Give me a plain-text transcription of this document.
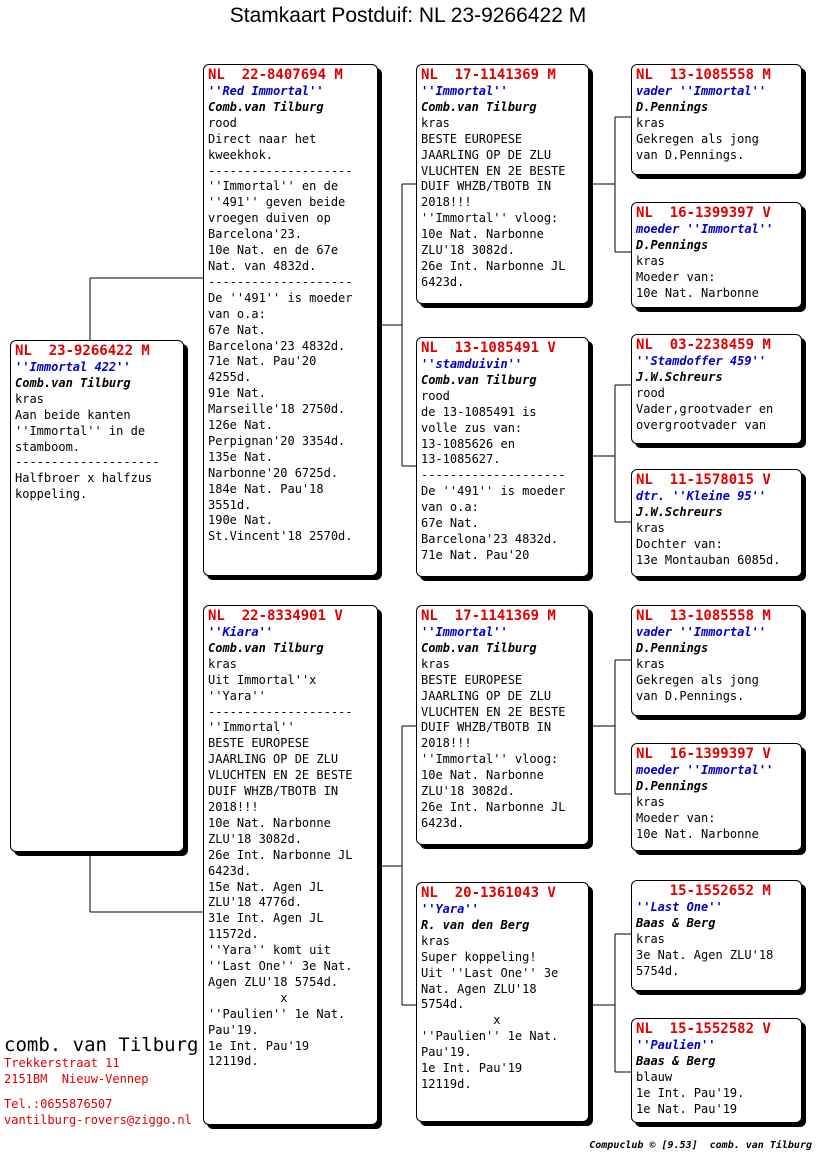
Stamkaart Postduif: NL 23-9266422 M
NL  23-9266422 M
''Immortal 422''
Comb.van Tilburg
kras
Aan beide kanten
''Immortal'' in de
stamboom.
--------------------
Halfbroer x halfzus
koppeling.
NL  22-8407694 M
''Red Immortal''
Comb.van Tilburg
rood
Direct naar het
kweekhok.
--------------------
''Immortal'' en de
''491'' geven beide
vroegen duiven op
Barcelona'23.
10e Nat. en de 67e
Nat. van 4832d.
--------------------
De ''491'' is moeder
van o.a:
67e Nat.
Barcelona'23 4832d.
71e Nat. Pau'20
4255d.
91e Nat.
Marseille'18 2750d.
126e Nat.
Perpignan'20 3354d.
135e Nat.
Narbonne'20 6725d.
184e Nat. Pau'18
3551d.
190e Nat.
St.Vincent'18 2570d.
NL  22-8334901 V
''Kiara''
Comb.van Tilburg
kras
Uit Immortal''x
''Yara''
--------------------
''Immortal''
BESTE EUROPESE
JAARLING OP DE ZLU
VLUCHTEN EN 2E BESTE
DUIF WHZB/TBOTB IN
2018!!!
10e Nat. Narbonne
ZLU'18 3082d.
26e Int. Narbonne JL
6423d.
15e Nat. Agen JL
ZLU'18 4776d.
31e Int. Agen JL
11572d.
''Yara'' komt uit
''Last One'' 3e Nat.
Agen ZLU'18 5754d.
x
''Paulien'' 1e Nat.
Pau'19.
1e Int. Pau'19
12119d.
NL  17-1141369 M
''Immortal''
Comb.van Tilburg
kras
BESTE EUROPESE
JAARLING OP DE ZLU
VLUCHTEN EN 2E BESTE
DUIF WHZB/TBOTB IN
2018!!!
''Immortal'' vloog:
10e Nat. Narbonne
ZLU'18 3082d.
26e Int. Narbonne JL
6423d.
NL  13-1085491 V
''stamduivin''
Comb.van Tilburg
rood
de 13-1085491 is
volle zus van:
13-1085626 en
13-1085627.
--------------------
De ''491'' is moeder
van o.a:
67e Nat.
Barcelona'23 4832d.
71e Nat. Pau'20
NL  17-1141369 M
''Immortal''
Comb.van Tilburg
kras
BESTE EUROPESE
JAARLING OP DE ZLU
VLUCHTEN EN 2E BESTE
DUIF WHZB/TBOTB IN
2018!!!
''Immortal'' vloog:
10e Nat. Narbonne
ZLU'18 3082d.
26e Int. Narbonne JL
6423d.
NL  20-1361043 V
''Yara''
R. van den Berg
kras
Super koppeling!
Uit ''Last One'' 3e
Nat. Agen ZLU'18
5754d.
x
''Paulien'' 1e Nat.
Pau'19.
1e Int. Pau'19
12119d.
NL  13-1085558 M
vader ''Immortal''
D.Pennings
kras
Gekregen als jong
van D.Pennings.
NL  16-1399397 V
moeder ''Immortal''
D.Pennings
kras
Moeder van:
10e Nat. Narbonne
NL  03-2238459 M
''Stamdoffer 459''
J.W.Schreurs
rood
Vader,grootvader en
overgrootvader van
NL  11-1578015 V
dtr. ''Kleine 95''
J.W.Schreurs
kras
Dochter van:
13e Montauban 6085d.
NL  13-1085558 M
vader ''Immortal''
D.Pennings
kras
Gekregen als jong
van D.Pennings.
NL  16-1399397 V
moeder ''Immortal''
D.Pennings
kras
Moeder van:
10e Nat. Narbonne
15-1552652 M
''Last One''
Baas & Berg
kras
3e Nat. Agen ZLU'18
5754d.
NL  15-1552582 V
''Paulien''
Baas & Berg
blauw
1e Int. Pau'19.
1e Nat. Pau'19
comb. van Tilburg
Trekkerstraat 11
2151BM  Nieuw-Vennep
Tel.:0655876507
vantilburg-rovers@ziggo.nl
Compuclub © [9.53]  comb. van Tilburg
